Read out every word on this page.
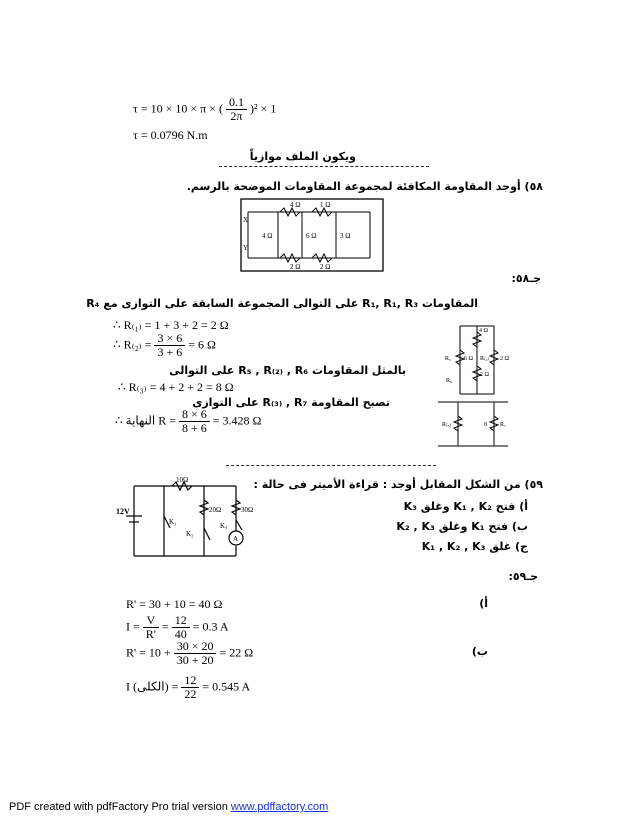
τ = 10 × 10 × π × ( $\frac{0.1}{2\pi} )^2 \times 1$
τ = 0.0796 N.m
ويكون الملف موازياً
٥٨) أوجد المقاومة المكافئة لمجموعة المقاومات الموضحة بالرسم.
4 Ω	1 Ω
4 Ω	6 Ω	3 Ω
2 Ω	2 Ω
X
Y
جـ٥٨:
المقاومات R₁, R₁, R₃ على التوالى المجموعة السابقة على التوازى مع R₄
∴ R₍₁₎ = 1 + 3 + 2 = 2 Ω
∴ $R_{(2)} = \frac{3 \times 6}{3 + 6} = 6$ Ω
بالمثل المقاومات R₅ , R₍₂₎ , R₆ على التوالى
∴ R₍₃₎ = 4 + 2 + 2 = 8 Ω
تصبح المقاومة R₍₃₎ , R₇ على التوازى
∴ النهاية $R = \frac{8 \times 6}{8 + 6} = 3.428$ Ω
4 Ω
R₅ 6 Ω R₍₂₎ 2 Ω
2 Ω
R₆
8 R₇
R₍₃₎
٥٩) من الشكل المقابل أوجد : قراءة الأميتر فى حالة :
12V
10Ω
20Ω	30Ω
K₁
K₂
K₃
A
أ) فتح K₁ , K₂ وغلق K₃
ب) فتح K₁ وغلق K₂ , K₃
ج) غلق K₁ , K₂ , K₃
جـ٥٩:
أ)
R' = 30 + 10 = 40 Ω
$I = \frac{V}{R'} = \frac{12}{40} = 0.3$ A
ب)
$R' = 10 + \frac{30 \times 20}{30 + 20} = 22$ Ω
I (الكلى) = $\frac{12}{22} = 0.545$ A
PDF created with pdfFactory Pro trial version www.pdffactory.com
